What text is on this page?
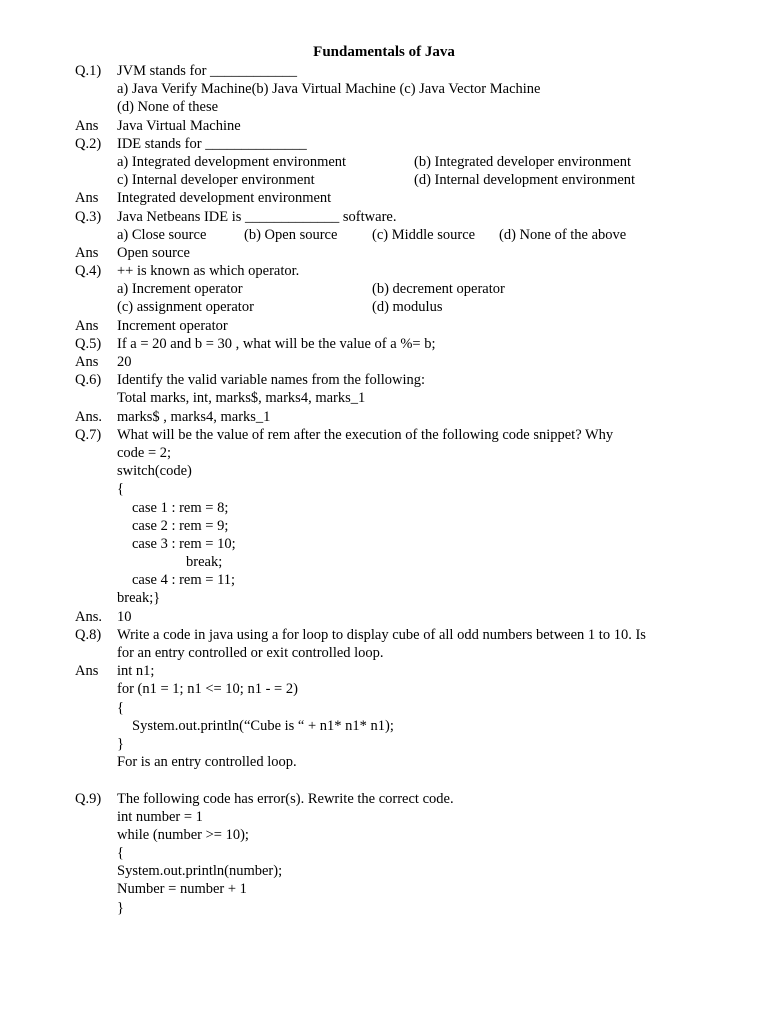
Fundamentals of Java
Q.1) JVM stands for ____________
a) Java Verify Machine(b) Java Virtual Machine (c) Java Vector Machine
(d) None of these
Ans Java Virtual Machine
Q.2) IDE stands for ______________
a) Integrated development environment	(b) Integrated developer environment
c) Internal developer environment	(d) Internal development environment
Ans Integrated development environment
Q.3) Java Netbeans IDE is _____________ software.
a) Close source	(b) Open source (c) Middle source (d) None of the above
Ans Open source
Q.4) ++ is known as which operator.
a) Increment operator	(b) decrement operator
(c) assignment operator	(d) modulus
Ans Increment operator
Q.5) If a = 20 and b = 30 , what will be the value of a %= b;
Ans 20
Q.6) Identify the valid variable names from the following:
Total marks, int, marks$, marks4, marks_1
Ans. marks$ , marks4, marks_1
Q.7) What will be the value of rem after the execution of the following code snippet? Why
code = 2;
switch(code)
{
case 1 : rem = 8;
case 2 : rem = 9;
case 3 : rem = 10;
break;
case 4 : rem = 11;
break;}
Ans. 10
Q.8) Write a code in java using a for loop to display cube of all odd numbers between 1 to 10. Is
for an entry controlled or exit controlled loop.
Ans int n1;
for (n1 = 1; n1 <= 10; n1 - = 2)
{
System.out.println(“Cube is “ + n1* n1* n1);
}
For is an entry controlled loop.
Q.9) The following code has error(s). Rewrite the correct code.
int number = 1
while (number >= 10);
{
System.out.println(number);
Number = number + 1
}
